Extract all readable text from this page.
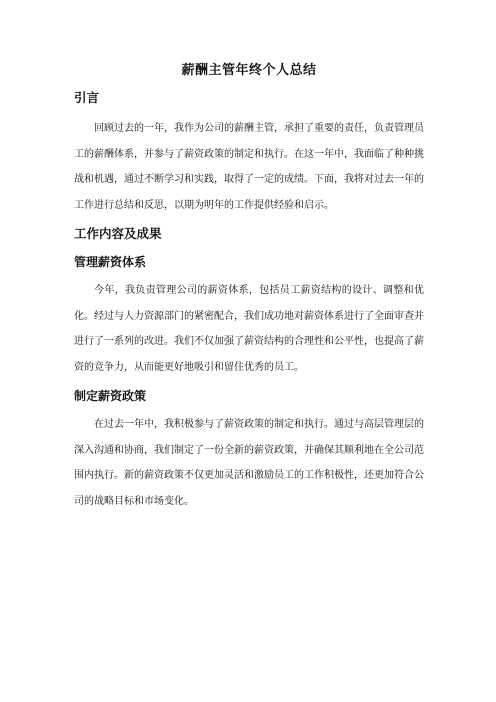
薪酬主管年终个人总结
引言

回顾过去的一年，我作为公司的薪酬主管，承担了重要的责任，负责管理员工的薪酬体系，并参与了薪资政策的制定和执行。在这一年中，我面临了种种挑战和机遇，通过不断学习和实践，取得了一定的成绩。下面，我将对过去一年的工作进行总结和反思，以期为明年的工作提供经验和启示。

工作内容及成果
管理薪资体系

今年，我负责管理公司的薪资体系，包括员工薪资结构的设计、调整和优化。经过与人力资源部门的紧密配合，我们成功地对薪资体系进行了全面审查并进行了一系列的改进。我们不仅加强了薪资结构的合理性和公平性，也提高了薪资的竞争力，从而能更好地吸引和留住优秀的员工。

制定薪资政策

在过去一年中，我积极参与了薪资政策的制定和执行。通过与高层管理层的深入沟通和协商，我们制定了一份全新的薪资政策，并确保其顺利地在全公司范围内执行。新的薪资政策不仅更加灵活和激励员工的工作积极性，还更加符合公司的战略目标和市场变化。
